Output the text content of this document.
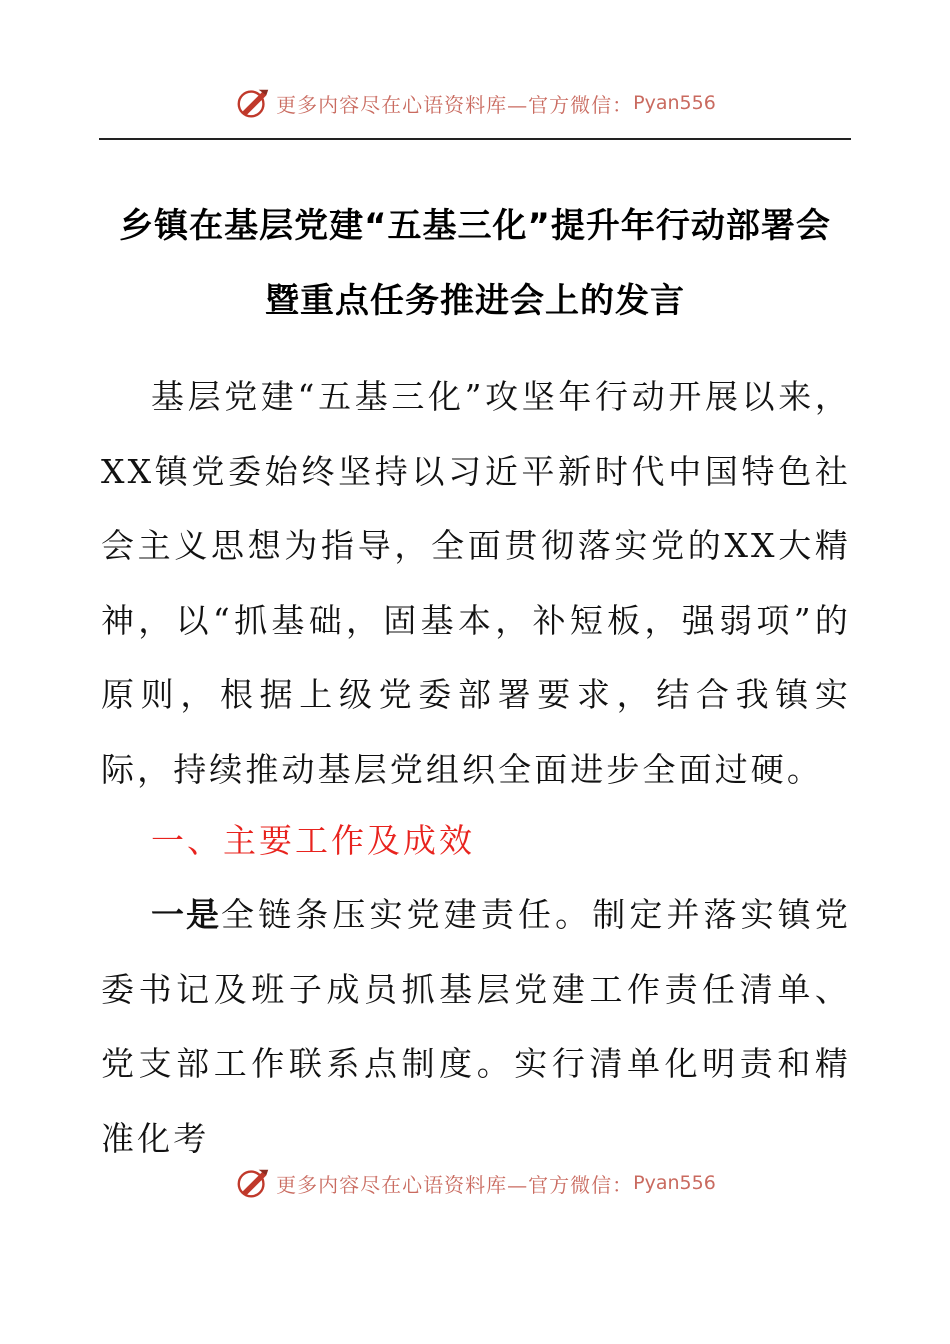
更多内容尽在心语资料库—官方微信： Pyan556
乡镇在基层党建“五基三化”提升年行动部署会
暨重点任务推进会上的发言

基层党建“五基三化”攻坚年行动开展以来，XX镇党委始终坚持以习近平新时代中国特色社会主义思想为指导，全面贯彻落实党的XX大精神，以“抓基础，固基本，补短板，强弱项”的原则，根据上级党委部署要求，结合我镇实际，持续推动基层党组织全面进步全面过硬。

一、主要工作及成效

一是全链条压实党建责任。制定并落实镇党委书记及班子成员抓基层党建工作责任清单、党支部工作联系点制度。实行清单化明责和精准化考

更多内容尽在心语资料库—官方微信： Pyan556
